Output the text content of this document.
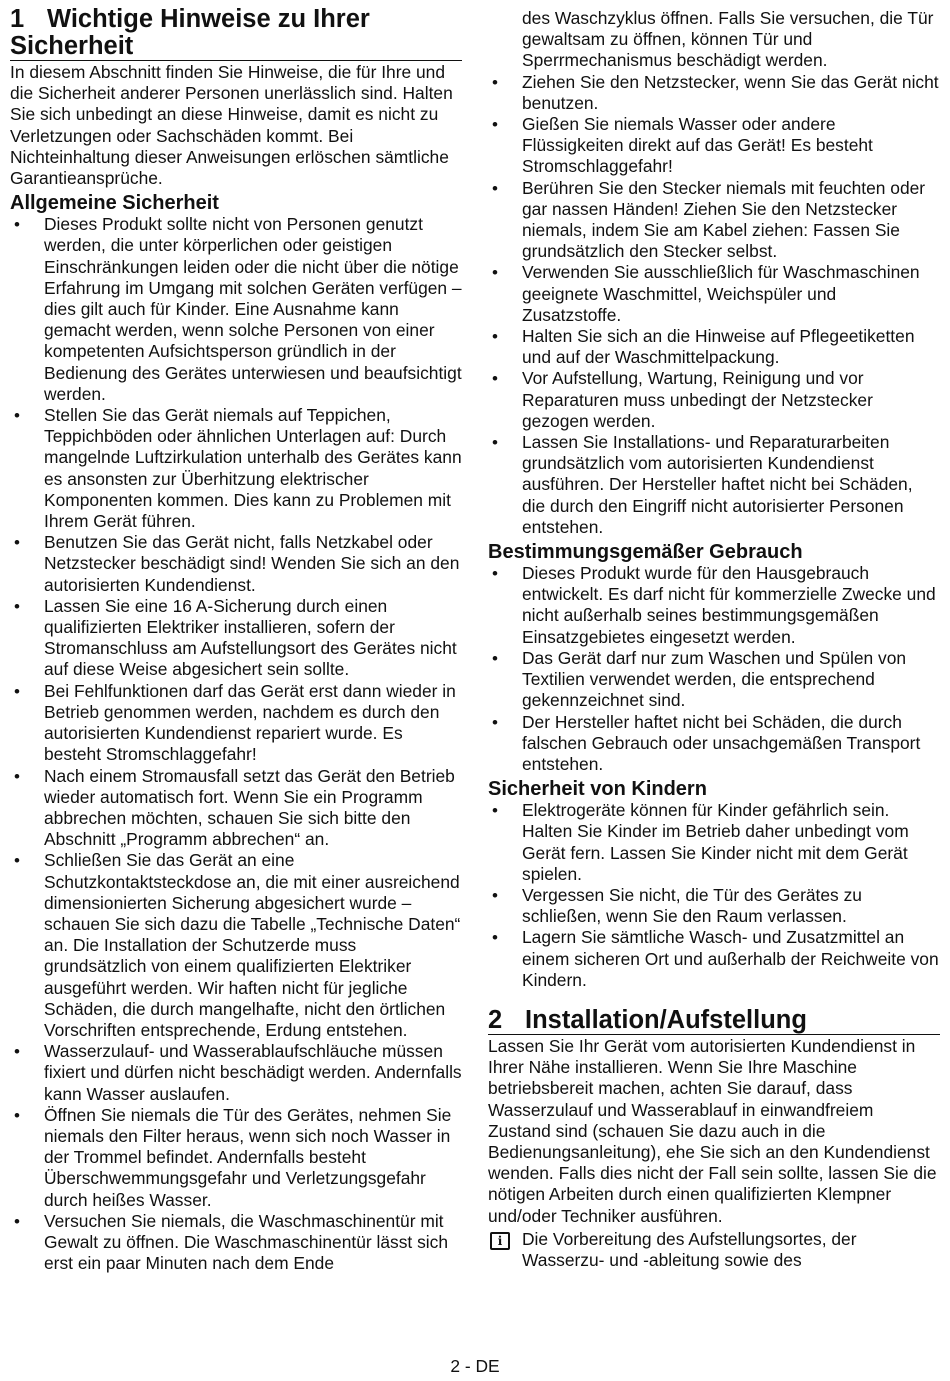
1 Wichtige Hinweise zu Ihrer Sicherheit

In diesem Abschnitt finden Sie Hinweise, die für Ihre und die Sicherheit anderer Personen unerlässlich sind. Halten Sie sich unbedingt an diese Hinweise, damit es nicht zu Verletzungen oder Sachschäden kommt. Bei Nichteinhaltung dieser Anweisungen erlöschen sämtliche Garantieansprüche.

Allgemeine Sicherheit
• Dieses Produkt sollte nicht von Personen genutzt werden, die unter körperlichen oder geistigen Einschränkungen leiden oder die nicht über die nötige Erfahrung im Umgang mit solchen Geräten verfügen – dies gilt auch für Kinder. Eine Ausnahme kann gemacht werden, wenn solche Personen von einer kompetenten Aufsichtsperson gründlich in der Bedienung des Gerätes unterwiesen und beaufsichtigt werden.
• Stellen Sie das Gerät niemals auf Teppichen, Teppichböden oder ähnlichen Unterlagen auf: Durch mangelnde Luftzirkulation unterhalb des Gerätes kann es ansonsten zur Überhitzung elektrischer Komponenten kommen. Dies kann zu Problemen mit Ihrem Gerät führen.
• Benutzen Sie das Gerät nicht, falls Netzkabel oder Netzstecker beschädigt sind! Wenden Sie sich an den autorisierten Kundendienst.
• Lassen Sie eine 16 A-Sicherung durch einen qualifizierten Elektriker installieren, sofern der Stromanschluss am Aufstellungsort des Gerätes nicht auf diese Weise abgesichert sein sollte.
• Bei Fehlfunktionen darf das Gerät erst dann wieder in Betrieb genommen werden, nachdem es durch den autorisierten Kundendienst repariert wurde. Es besteht Stromschlaggefahr!
• Nach einem Stromausfall setzt das Gerät den Betrieb wieder automatisch fort. Wenn Sie ein Programm abbrechen möchten, schauen Sie sich bitte den Abschnitt „Programm abbrechen“ an.
• Schließen Sie das Gerät an eine Schutzkontaktsteckdose an, die mit einer ausreichend dimensionierten Sicherung abgesichert wurde – schauen Sie sich dazu die Tabelle „Technische Daten“ an. Die Installation der Schutzerde muss grundsätzlich von einem qualifizierten Elektriker ausgeführt werden. Wir haften nicht für jegliche Schäden, die durch mangelhafte, nicht den örtlichen Vorschriften entsprechende, Erdung entstehen.
• Wasserzulauf- und Wasserablaufschläuche müssen fixiert und dürfen nicht beschädigt werden. Andernfalls kann Wasser auslaufen.
• Öffnen Sie niemals die Tür des Gerätes, nehmen Sie niemals den Filter heraus, wenn sich noch Wasser in der Trommel befindet. Andernfalls besteht Überschwemmungsgefahr und Verletzungsgefahr durch heißes Wasser.
• Versuchen Sie niemals, die Waschmaschinentür mit Gewalt zu öffnen. Die Waschmaschinentür lässt sich erst ein paar Minuten nach dem Ende
des Waschzyklus öffnen. Falls Sie versuchen, die Tür gewaltsam zu öffnen, können Tür und Sperrmechanismus beschädigt werden.
• Ziehen Sie den Netzstecker, wenn Sie das Gerät nicht benutzen.
• Gießen Sie niemals Wasser oder andere Flüssigkeiten direkt auf das Gerät! Es besteht Stromschlaggefahr!
• Berühren Sie den Stecker niemals mit feuchten oder gar nassen Händen! Ziehen Sie den Netzstecker niemals, indem Sie am Kabel ziehen: Fassen Sie grundsätzlich den Stecker selbst.
• Verwenden Sie ausschließlich für Waschmaschinen geeignete Waschmittel, Weichspüler und Zusatzstoffe.
• Halten Sie sich an die Hinweise auf Pflegeetiketten und auf der Waschmittelpackung.
• Vor Aufstellung, Wartung, Reinigung und vor Reparaturen muss unbedingt der Netzstecker gezogen werden.
• Lassen Sie Installations- und Reparaturarbeiten grundsätzlich vom autorisierten Kundendienst ausführen. Der Hersteller haftet nicht bei Schäden, die durch den Eingriff nicht autorisierter Personen entstehen.
Bestimmungsgemäßer Gebrauch
• Dieses Produkt wurde für den Hausgebrauch entwickelt. Es darf nicht für kommerzielle Zwecke und nicht außerhalb seines bestimmungsgemäßen Einsatzgebietes eingesetzt werden.
• Das Gerät darf nur zum Waschen und Spülen von Textilien verwendet werden, die entsprechend gekennzeichnet sind.
• Der Hersteller haftet nicht bei Schäden, die durch falschen Gebrauch oder unsachgemäßen Transport entstehen.
Sicherheit von Kindern
• Elektrogeräte können für Kinder gefährlich sein. Halten Sie Kinder im Betrieb daher unbedingt vom Gerät fern. Lassen Sie Kinder nicht mit dem Gerät spielen.
• Vergessen Sie nicht, die Tür des Gerätes zu schließen, wenn Sie den Raum verlassen.
• Lagern Sie sämtliche Wasch- und Zusatzmittel an einem sicheren Ort und außerhalb der Reichweite von Kindern.
2 Installation/Aufstellung

Lassen Sie Ihr Gerät vom autorisierten Kundendienst in Ihrer Nähe installieren. Wenn Sie Ihre Maschine betriebsbereit machen, achten Sie darauf, dass Wasserzulauf und Wasserablauf in einwandfreiem Zustand sind (schauen Sie dazu auch in die Bedienungsanleitung), ehe Sie sich an den Kundendienst wenden. Falls dies nicht der Fall sein sollte, lassen Sie die nötigen Arbeiten durch einen qualifizierten Klempner und/oder Techniker ausführen.

i	Die Vorbereitung des Aufstellungsortes, der Wasserzu- und -ableitung sowie des
2 - DE
